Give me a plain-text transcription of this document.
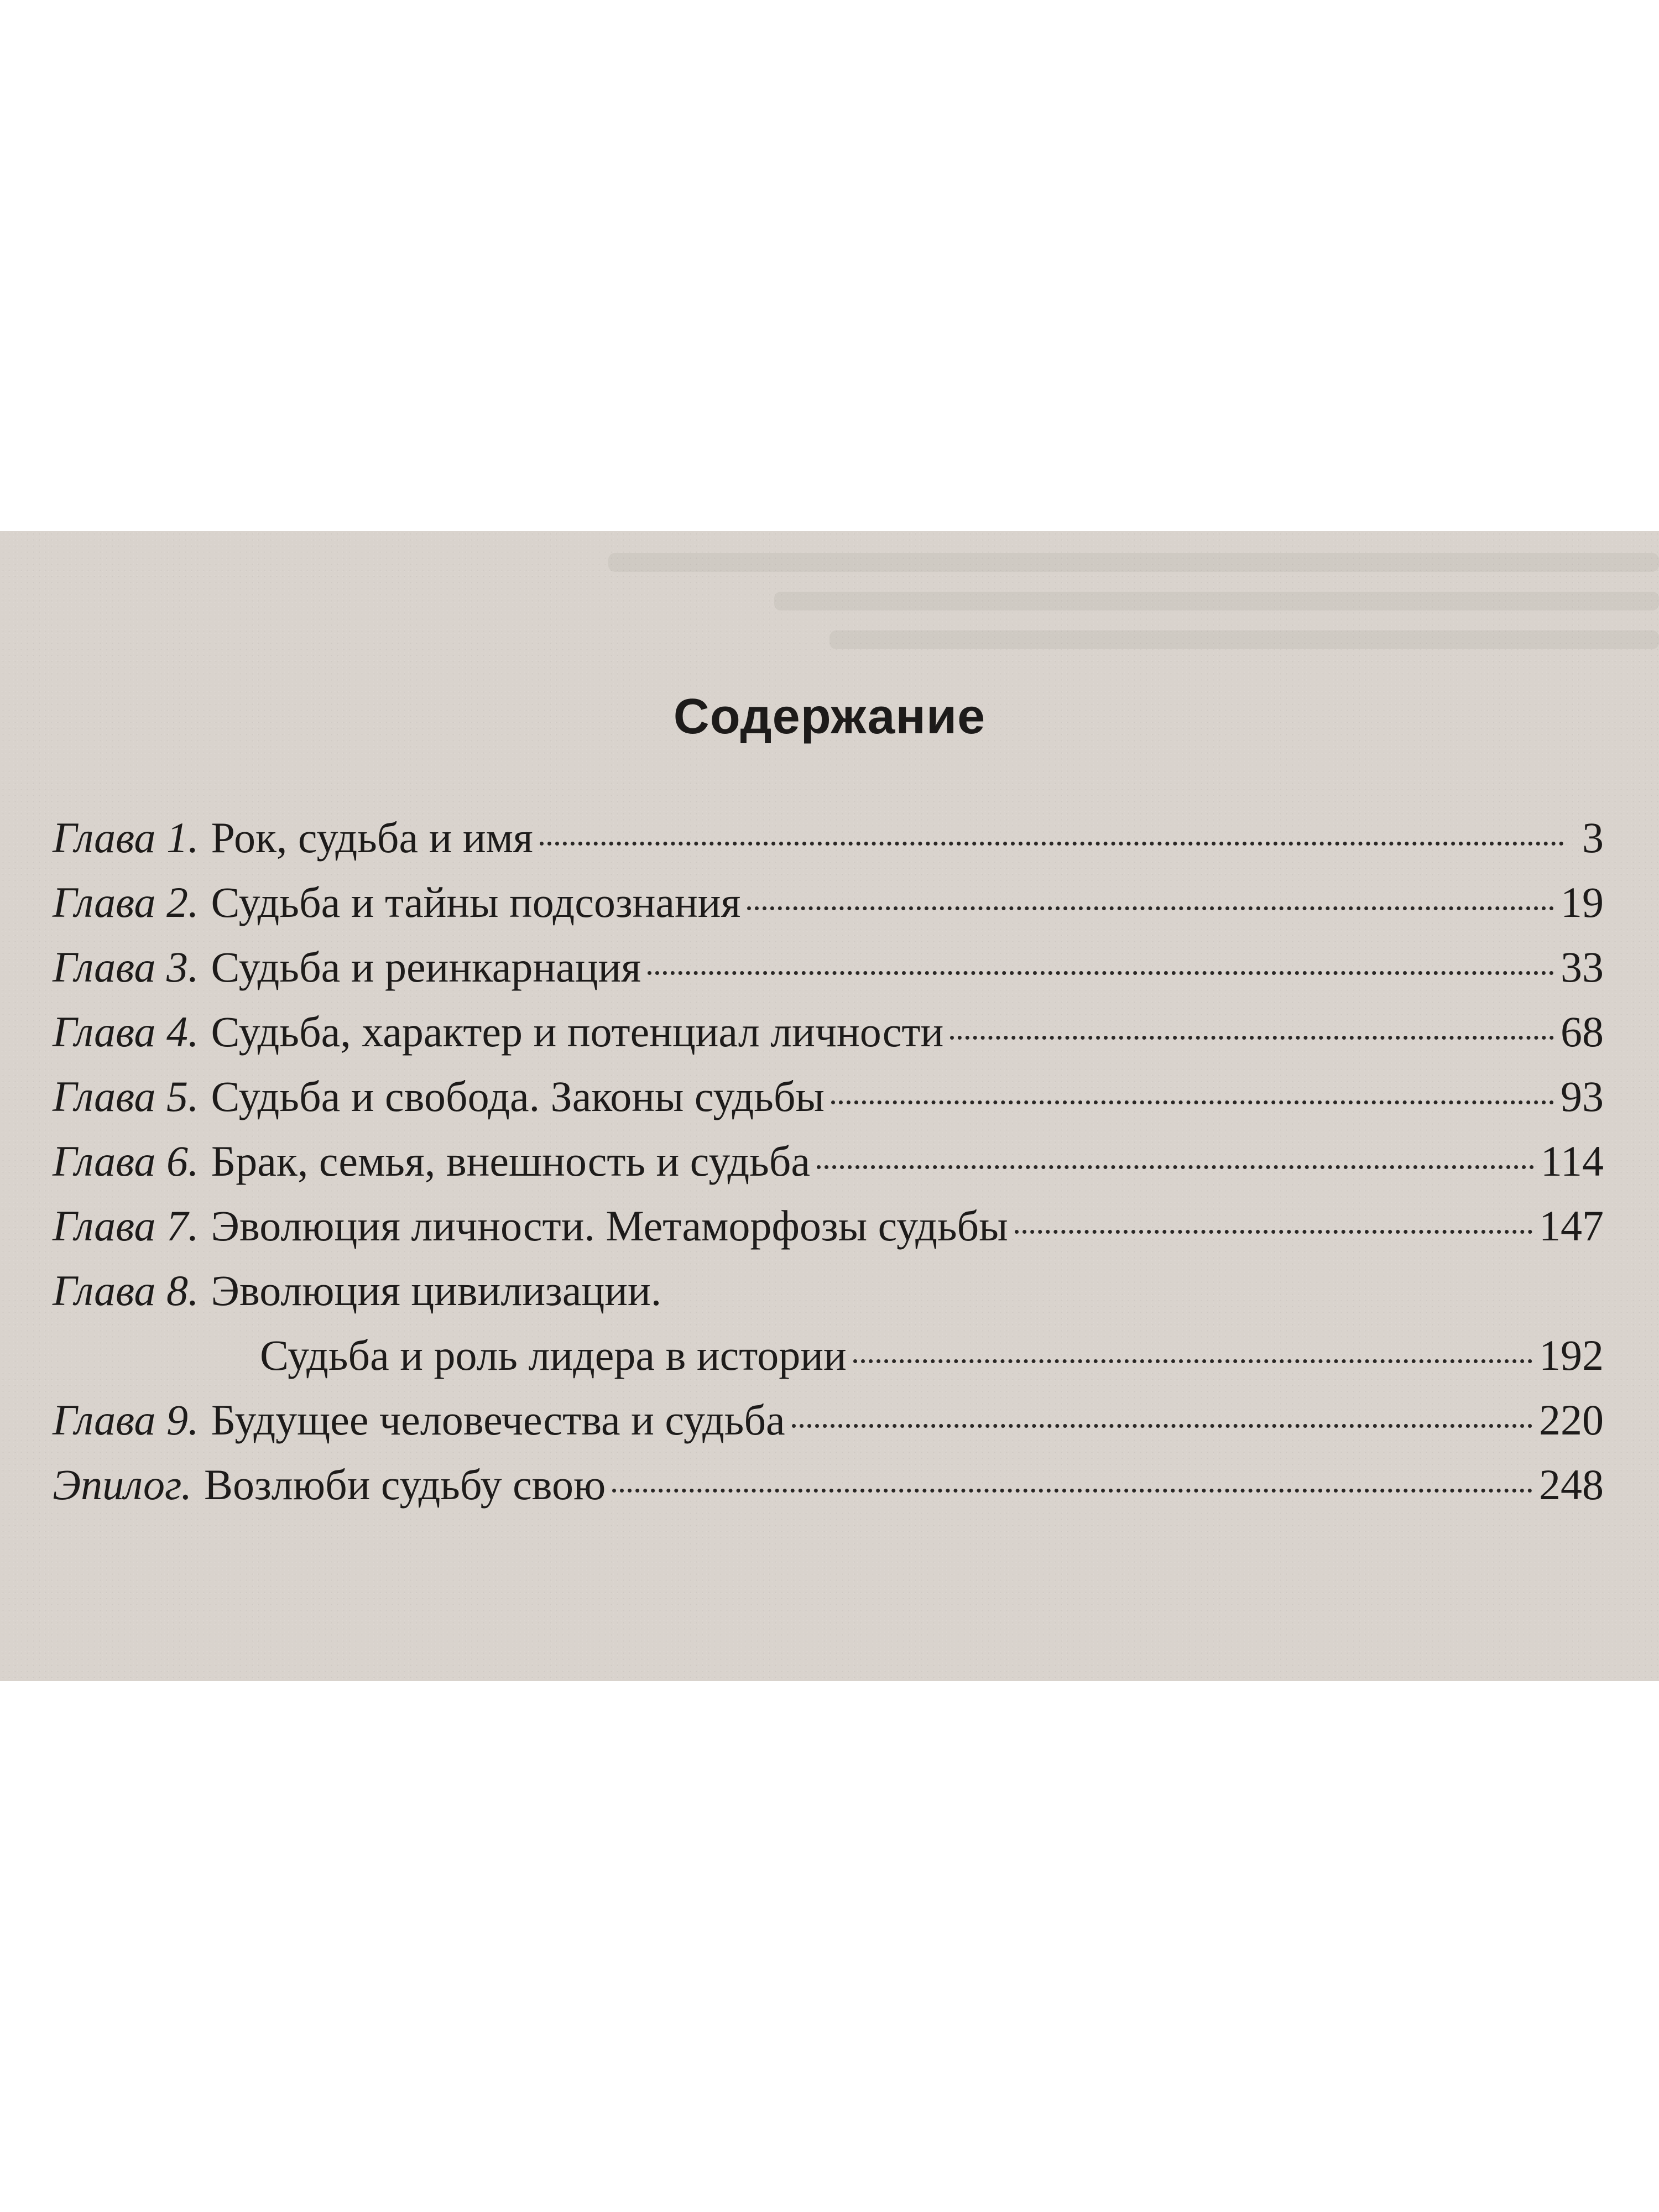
Содержание
Глава 1. Рок, судьба и имя	3
Глава 2. Судьба и тайны подсознания	19
Глава 3. Судьба и реинкарнация	33
Глава 4. Судьба, характер и потенциал личности	68
Глава 5. Судьба и свобода. Законы судьбы	93
Глава 6. Брак, семья, внешность и судьба	114
Глава 7. Эволюция личности. Метаморфозы судьбы	147
Глава 8. Эволюция цивилизации.
Судьба и роль лидера в истории	192
Глава 9. Будущее человечества и судьба	220
Эпилог. Возлюби судьбу свою	248
